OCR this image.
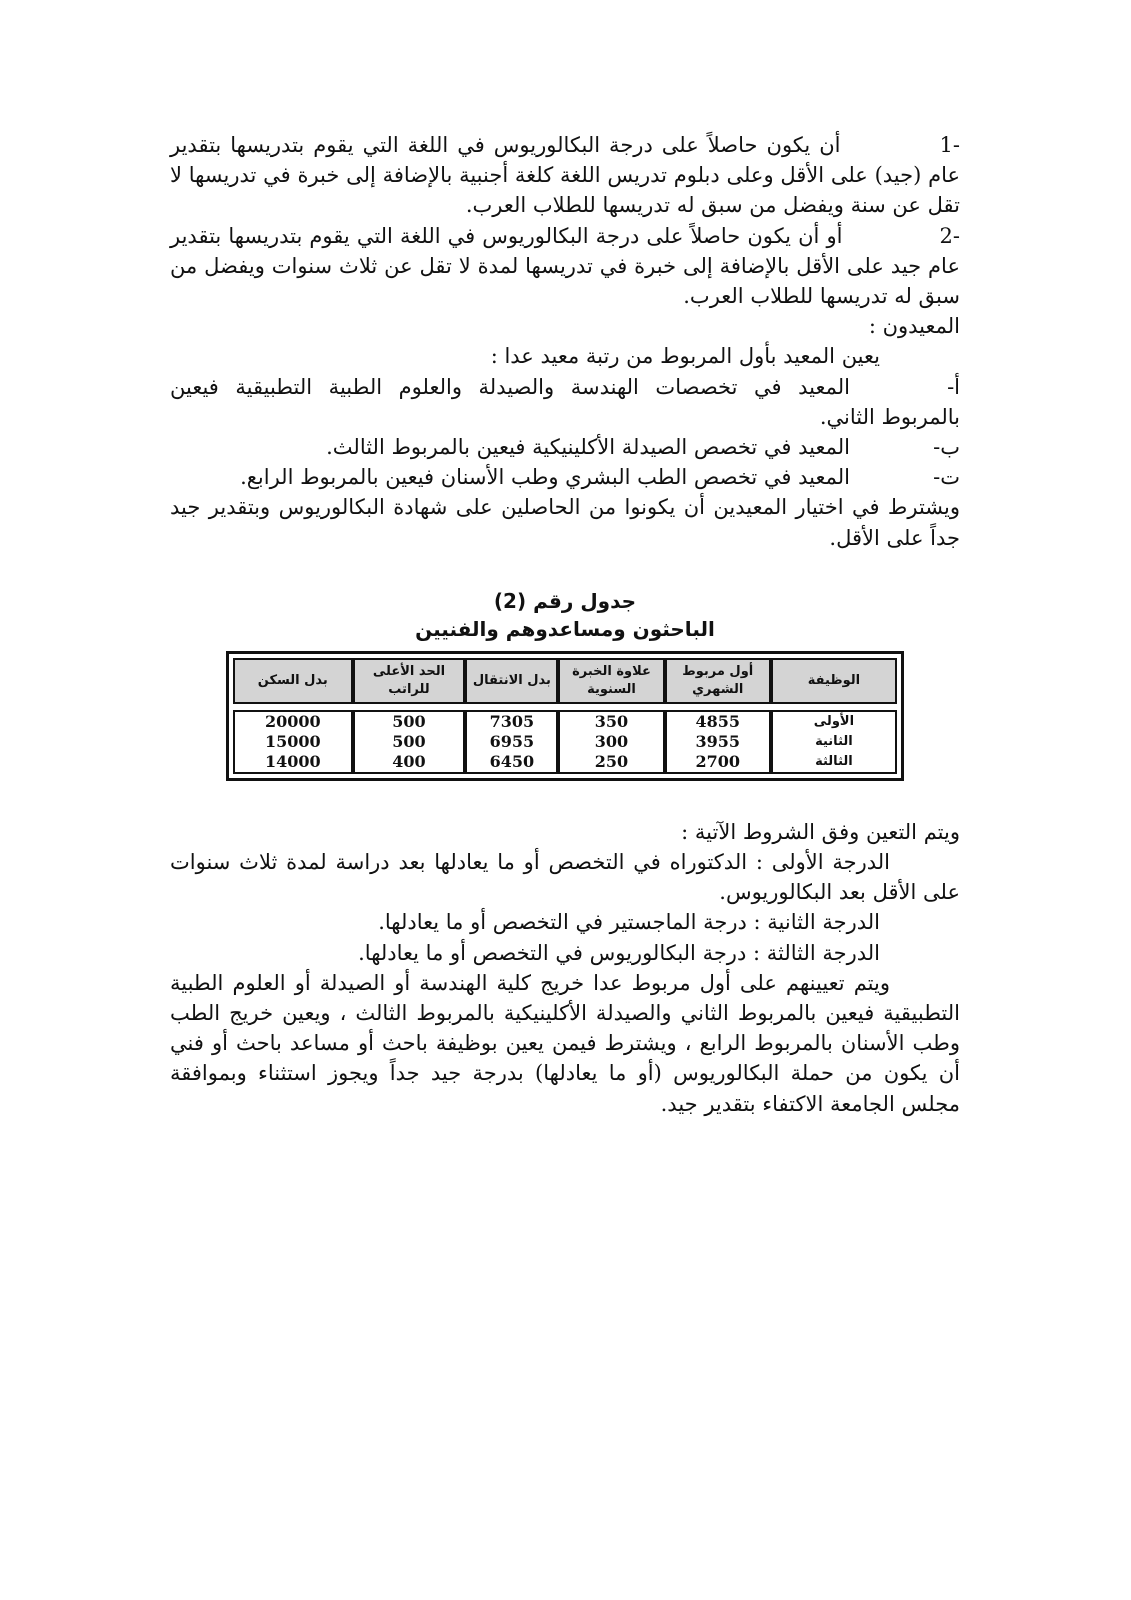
-1 أن يكون حاصلاً على درجة البكالوريوس في اللغة التي يقوم بتدريسها بتقدير عام (جيد) على الأقل وعلى دبلوم تدريس اللغة كلغة أجنبية بالإضافة إلى خبرة في تدريسها لا تقل عن سنة ويفضل من سبق له تدريسها للطلاب العرب.

-2 أو أن يكون حاصلاً على درجة البكالوريوس في اللغة التي يقوم بتدريسها بتقدير عام جيد على الأقل بالإضافة إلى خبرة في تدريسها لمدة لا تقل عن ثلاث سنوات ويفضل من سبق له تدريسها للطلاب العرب.

المعيدون :

يعين المعيد بأول المربوط من رتبة معيد عدا :

أ-المعيد في تخصصات الهندسة والصيدلة والعلوم الطبية التطبيقية فيعين بالمربوط الثاني.

ب-المعيد في تخصص الصيدلة الأكلينيكية فيعين بالمربوط الثالث.

ت-المعيد في تخصص الطب البشري وطب الأسنان فيعين بالمربوط الرابع.

ويشترط في اختيار المعيدين أن يكونوا من الحاصلين على شهادة البكالوريوس وبتقدير جيد جداً على الأقل.

جدول رقم (2)

الباحثون ومساعدوهم والفنيين

الوظيفة	أول مربوط الشهري	علاوة الخبرة السنوية	بدل الانتقال	الحد الأعلى للراتب	بدل السكن

الأولى	4855	350	7305	500	20000
الثانية	3955	300	6955	500	15000
الثالثة	2700	250	6450	400	14000

ويتم التعين وفق الشروط الآتية :

الدرجة الأولى : الدكتوراه في التخصص أو ما يعادلها بعد دراسة لمدة ثلاث سنوات على الأقل بعد البكالوريوس.

الدرجة الثانية : درجة الماجستير في التخصص أو ما يعادلها.

الدرجة الثالثة : درجة البكالوريوس في التخصص أو ما يعادلها.

ويتم تعيينهم على أول مربوط عدا خريج كلية الهندسة أو الصيدلة أو العلوم الطبية التطبيقية فيعين بالمربوط الثاني والصيدلة الأكلينيكية بالمربوط الثالث ، ويعين خريج الطب وطب الأسنان بالمربوط الرابع ، ويشترط فيمن يعين بوظيفة باحث أو مساعد باحث أو فني أن يكون من حملة البكالوريوس (أو ما يعادلها) بدرجة جيد جداً ويجوز استثناء وبموافقة مجلس الجامعة الاكتفاء بتقدير جيد.
